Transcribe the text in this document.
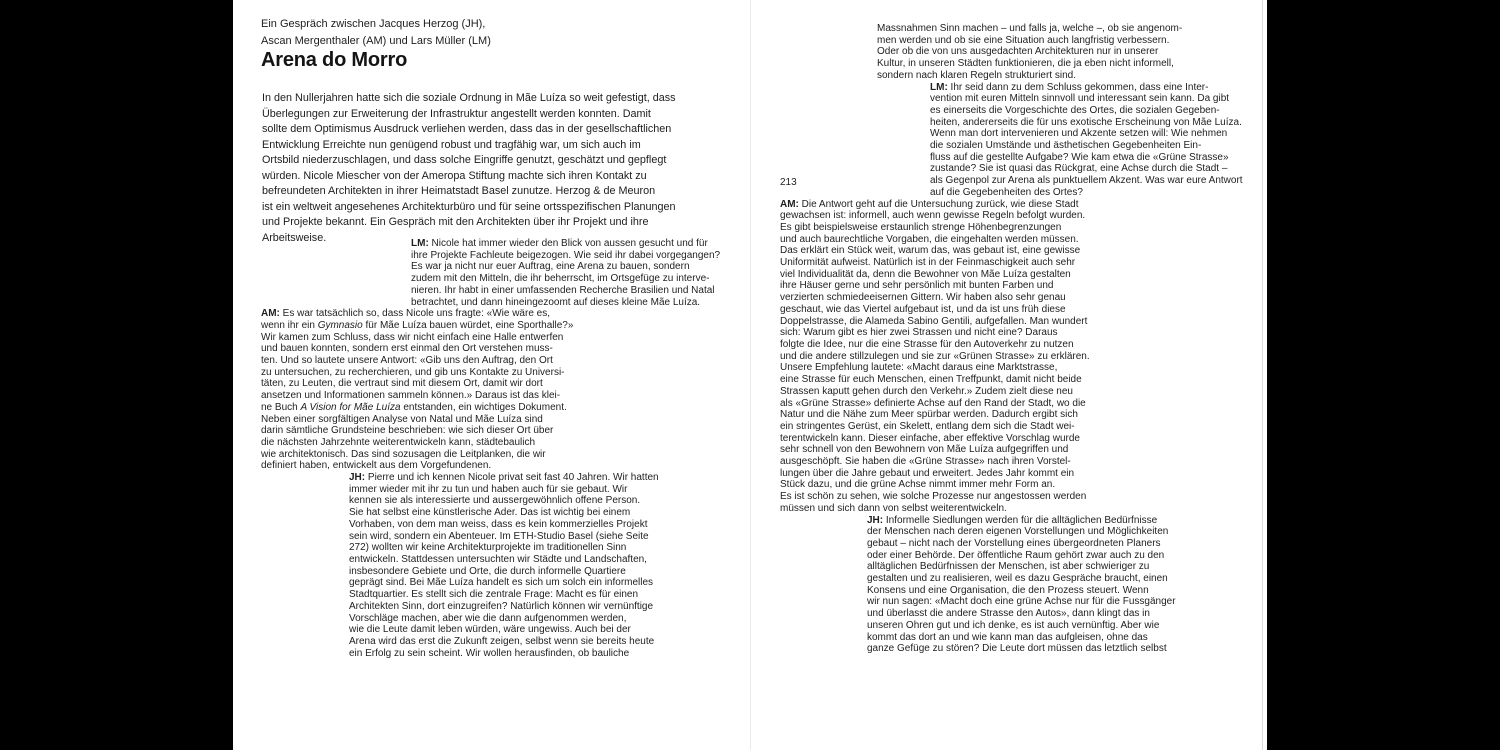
Ein Gespräch zwischen Jacques Herzog (JH),
Ascan Mergenthaler (AM) und Lars Müller (LM)
Arena do Morro
In den Nullerjahren hatte sich die soziale Ordnung in Mãe Luíza so weit gefestigt, dass
Überlegungen zur Erweiterung der Infrastruktur angestellt werden konnten. Damit
sollte dem Optimismus Ausdruck verliehen werden, dass das in der gesellschaftlichen
Entwicklung Erreichte nun genügend robust und tragfähig war, um sich auch im
Ortsbild niederzuschlagen, und dass solche Eingriffe genutzt, geschätzt und gepflegt
würden. Nicole Miescher von der Ameropa Stiftung machte sich ihren Kontakt zu
befreundeten Architekten in ihrer Heimatstadt Basel zunutze. Herzog & de Meuron
ist ein weltweit angesehenes Architekturbüro und für seine ortsspezifischen Planungen
und Projekte bekannt. Ein Gespräch mit den Architekten über ihr Projekt und ihre
Arbeitsweise.	LM: Nicole hat immer wieder den Blick von aussen gesucht und für
ihre Projekte Fachleute beigezogen. Wie seid ihr dabei vorgegangen?
Es war ja nicht nur euer Auftrag, eine Arena zu bauen, sondern
zudem mit den Mitteln, die ihr beherrscht, im Ortsgefüge zu interve-
nieren. Ihr habt in einer umfassenden Recherche Brasilien und Natal
betrachtet, und dann hineingezoomt auf dieses kleine Mãe Luíza.
AM: Es war tatsächlich so, dass Nicole uns fragte: «Wie wäre es,
wenn ihr ein Gymnasio für Mãe Luíza bauen würdet, eine Sporthalle?»
Wir kamen zum Schluss, dass wir nicht einfach eine Halle entwerfen
und bauen konnten, sondern erst einmal den Ort verstehen muss-
ten. Und so lautete unsere Antwort: «Gib uns den Auftrag, den Ort
zu untersuchen, zu recherchieren, und gib uns Kontakte zu Universi-
täten, zu Leuten, die vertraut sind mit diesem Ort, damit wir dort
ansetzen und Informationen sammeln können.» Daraus ist das klei-
ne Buch A Vision for Mãe Luíza entstanden, ein wichtiges Dokument.
Neben einer sorgfältigen Analyse von Natal und Mãe Luíza sind
darin sämtliche Grundsteine beschrieben: wie sich dieser Ort über
die nächsten Jahrzehnte weiterentwickeln kann, städtebaulich
wie architektonisch. Das sind sozusagen die Leitplanken, die wir
definiert haben, entwickelt aus dem Vorgefundenen.
JH: Pierre und ich kennen Nicole privat seit fast 40 Jahren. Wir hatten
immer wieder mit ihr zu tun und haben auch für sie gebaut. Wir
kennen sie als interessierte und aussergewöhnlich offene Person.
Sie hat selbst eine künstlerische Ader. Das ist wichtig bei einem
Vorhaben, von dem man weiss, dass es kein kommerzielles Projekt
sein wird, sondern ein Abenteuer. Im ETH-Studio Basel (siehe Seite
272) wollten wir keine Architekturprojekte im traditionellen Sinn
entwickeln. Stattdessen untersuchten wir Städte und Landschaften,
insbesondere Gebiete und Orte, die durch informelle Quartiere
geprägt sind. Bei Mãe Luíza handelt es sich um solch ein informelles
Stadtquartier. Es stellt sich die zentrale Frage: Macht es für einen
Architekten Sinn, dort einzugreifen? Natürlich können wir vernünftige
Vorschläge machen, aber wie die dann aufgenommen werden,
wie die Leute damit leben würden, wäre ungewiss. Auch bei der
Arena wird das erst die Zukunft zeigen, selbst wenn sie bereits heute
ein Erfolg zu sein scheint. Wir wollen herausfinden, ob bauliche
213
Massnahmen Sinn machen – und falls ja, welche –, ob sie angenom-
men werden und ob sie eine Situation auch langfristig verbessern.
Oder ob die von uns ausgedachten Architekturen nur in unserer
Kultur, in unseren Städten funktionieren, die ja eben nicht informell,
sondern nach klaren Regeln strukturiert sind.
LM: Ihr seid dann zu dem Schluss gekommen, dass eine Inter-
vention mit euren Mitteln sinnvoll und interessant sein kann. Da gibt
es einerseits die Vorgeschichte des Ortes, die sozialen Gegeben-
heiten, andererseits die für uns exotische Erscheinung von Mãe Luíza.
Wenn man dort intervenieren und Akzente setzen will: Wie nehmen
die sozialen Umstände und ästhetischen Gegebenheiten Ein-
fluss auf die gestellte Aufgabe? Wie kam etwa die «Grüne Strasse»
zustande? Sie ist quasi das Rückgrat, eine Achse durch die Stadt –
als Gegenpol zur Arena als punktuellem Akzent. Was war eure Antwort
auf die Gegebenheiten des Ortes?
AM: Die Antwort geht auf die Untersuchung zurück, wie diese Stadt
gewachsen ist: informell, auch wenn gewisse Regeln befolgt wurden.
Es gibt beispielsweise erstaunlich strenge Höhenbegrenzungen
und auch baurechtliche Vorgaben, die eingehalten werden müssen.
Das erklärt ein Stück weit, warum das, was gebaut ist, eine gewisse
Uniformität aufweist. Natürlich ist in der Feinmaschigkeit auch sehr
viel Individualität da, denn die Bewohner von Mãe Luíza gestalten
ihre Häuser gerne und sehr persönlich mit bunten Farben und
verzierten schmiedeeisernen Gittern. Wir haben also sehr genau
geschaut, wie das Viertel aufgebaut ist, und da ist uns früh diese
Doppelstrasse, die Alameda Sabino Gentili, aufgefallen. Man wundert
sich: Warum gibt es hier zwei Strassen und nicht eine? Daraus
folgte die Idee, nur die eine Strasse für den Autoverkehr zu nutzen
und die andere stillzulegen und sie zur «Grünen Strasse» zu erklären.
Unsere Empfehlung lautete: «Macht daraus eine Marktstrasse,
eine Strasse für euch Menschen, einen Treffpunkt, damit nicht beide
Strassen kaputt gehen durch den Verkehr.» Zudem zielt diese neu
als «Grüne Strasse» definierte Achse auf den Rand der Stadt, wo die
Natur und die Nähe zum Meer spürbar werden. Dadurch ergibt sich
ein stringentes Gerüst, ein Skelett, entlang dem sich die Stadt wei-
terentwickeln kann. Dieser einfache, aber effektive Vorschlag wurde
sehr schnell von den Bewohnern von Mãe Luíza aufgegriffen und
ausgeschöpft. Sie haben die «Grüne Strasse» nach ihren Vorstel-
lungen über die Jahre gebaut und erweitert. Jedes Jahr kommt ein
Stück dazu, und die grüne Achse nimmt immer mehr Form an.
Es ist schön zu sehen, wie solche Prozesse nur angestossen werden
müssen und sich dann von selbst weiterentwickeln.
JH: Informelle Siedlungen werden für die alltäglichen Bedürfnisse
der Menschen nach deren eigenen Vorstellungen und Möglichkeiten
gebaut – nicht nach der Vorstellung eines übergeordneten Planers
oder einer Behörde. Der öffentliche Raum gehört zwar auch zu den
alltäglichen Bedürfnissen der Menschen, ist aber schwieriger zu
gestalten und zu realisieren, weil es dazu Gespräche braucht, einen
Konsens und eine Organisation, die den Prozess steuert. Wenn
wir nun sagen: «Macht doch eine grüne Achse nur für die Fussgänger
und überlasst die andere Strasse den Autos», dann klingt das in
unseren Ohren gut und ich denke, es ist auch vernünftig. Aber wie
kommt das dort an und wie kann man das aufgleisen, ohne das
ganze Gefüge zu stören? Die Leute dort müssen das letztlich selbst
